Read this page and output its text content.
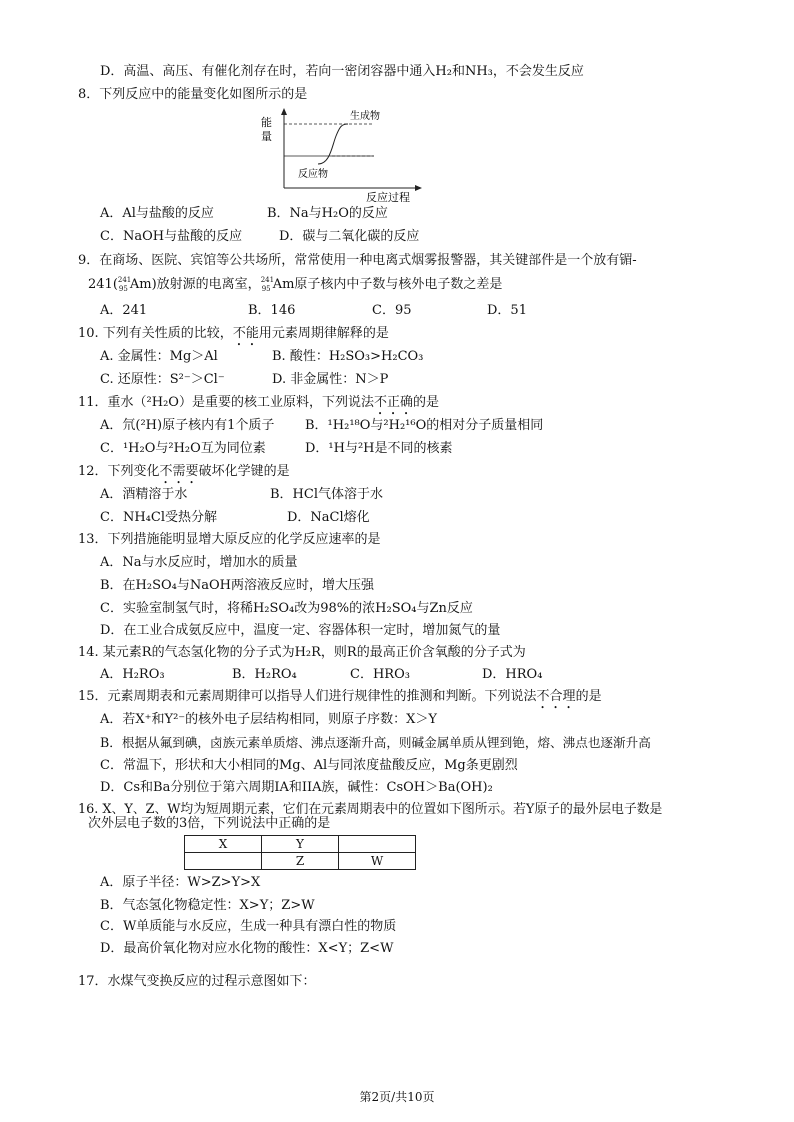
D．高温、高压、有催化剂存在时，若向一密闭容器中通入H₂和NH₃，不会发生反应
8．下列反应中的能量变化如图所示的是
能
量
生成物
反应物
反应过程
A．Al与盐酸的反应	B．Na与H₂O的反应
C．NaOH与盐酸的反应	D．碳与二氧化碳的反应
9．在商场、医院、宾馆等公共场所，常常使用一种电离式烟雾报警器，其关键部件是一个放有镅-
241( 241
95 Am)放射源的电离室， 241
95 Am原子核内中子数与核外电子数之差是
A．241	B．146	C．95	D．51
10. 下列有关性质的比较，不能用元素周期律解释的是
A. 金属性：Mg＞Al	B. 酸性：H₂SO₃>H₂CO₃
C. 还原性：S²⁻＞Cl⁻	D. 非金属性：N＞P
11．重水（²H₂O）是重要的核工业原料，下列说法不正确的是
A．氘(²H)原子核内有1个质子 B．¹H₂¹⁸O与²H₂¹⁶O的相对分子质量相同
C．¹H₂O与²H₂O互为同位素	D．¹H与²H是不同的核素
12．下列变化不需要破坏化学键的是
A．酒精溶于水	B．HCl气体溶于水
C．NH₄Cl受热分解	D．NaCl熔化
13．下列措施能明显增大原反应的化学反应速率的是
A．Na与水反应时，增加水的质量
B．在H₂SO₄与NaOH两溶液反应时，增大压强
C．实验室制氢气时，将稀H₂SO₄改为98%的浓H₂SO₄与Zn反应
D．在工业合成氨反应中，温度一定、容器体积一定时，增加氮气的量
14. 某元素R的气态氢化物的分子式为H₂R，则R的最高正价含氧酸的分子式为
A．H₂RO₃	B．H₂RO₄	C．HRO₃	D．HRO₄
15．元素周期表和元素周期律可以指导人们进行规律性的推测和判断。下列说法不合理的是
A．若X⁺和Y²⁻的核外电子层结构相同，则原子序数：X＞Y
B．根据从氟到碘，卤族元素单质熔、沸点逐渐升高，则碱金属单质从锂到铯，熔、沸点也逐渐升高
C．常温下，形状和大小相同的Mg、Al与同浓度盐酸反应，Mg条更剧烈
D．Cs和Ba分别位于第六周期IA和IIA族，碱性：CsOH＞Ba(OH)₂
16. X、Y、Z、W均为短周期元素，它们在元素周期表中的位置如下图所示。若Y原子的最外层电子数是
次外层电子数的3倍，下列说法中正确的是
X	Y	
	Z	W
A．原子半径：W>Z>Y>X
B．气态氢化物稳定性：X>Y；Z>W
C．W单质能与水反应，生成一种具有漂白性的物质
D．最高价氧化物对应水化物的酸性：X<Y；Z<W
17．水煤气变换反应的过程示意图如下：
第2页/共10页
